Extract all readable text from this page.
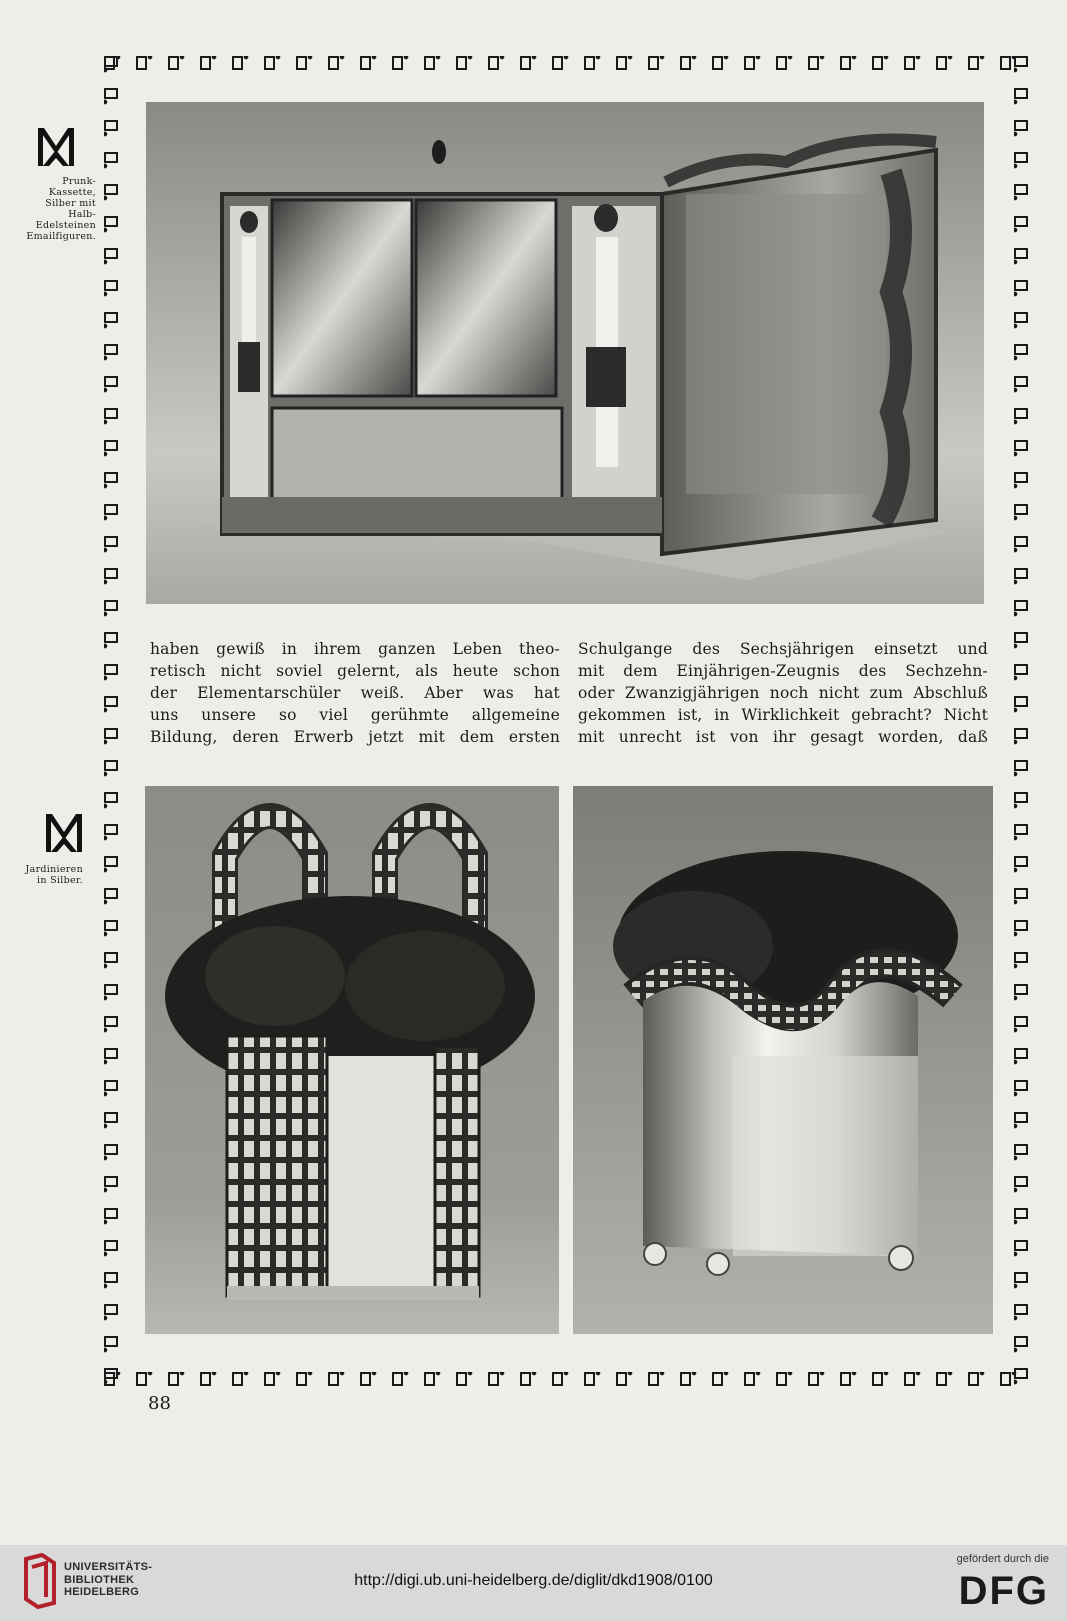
Prunk-
Kassette,
Silber mit
Halb-
Edelsteinen
Emailfiguren.
Jardinieren
in Silber.

haben gewiß in ihrem ganzen Leben theo-

retisch nicht soviel gelernt, als heute schon

der Elementarschüler weiß. Aber was hat

uns unsere so viel gerühmte allgemeine

Bildung, deren Erwerb jetzt mit dem ersten

Schulgange des Sechsjährigen einsetzt und

mit dem Einjährigen-Zeugnis des Sechzehn-

oder Zwanzigjährigen noch nicht zum Abschluß

gekommen ist, in Wirklichkeit gebracht? Nicht

mit unrecht ist von ihr gesagt worden, daß

88
UNIVERSITÄTS-
BIBLIOTHEK
HEIDELBERG
http://digi.ub.uni-heidelberg.de/diglit/dkd1908/0100
gefördert durch die
DFG
